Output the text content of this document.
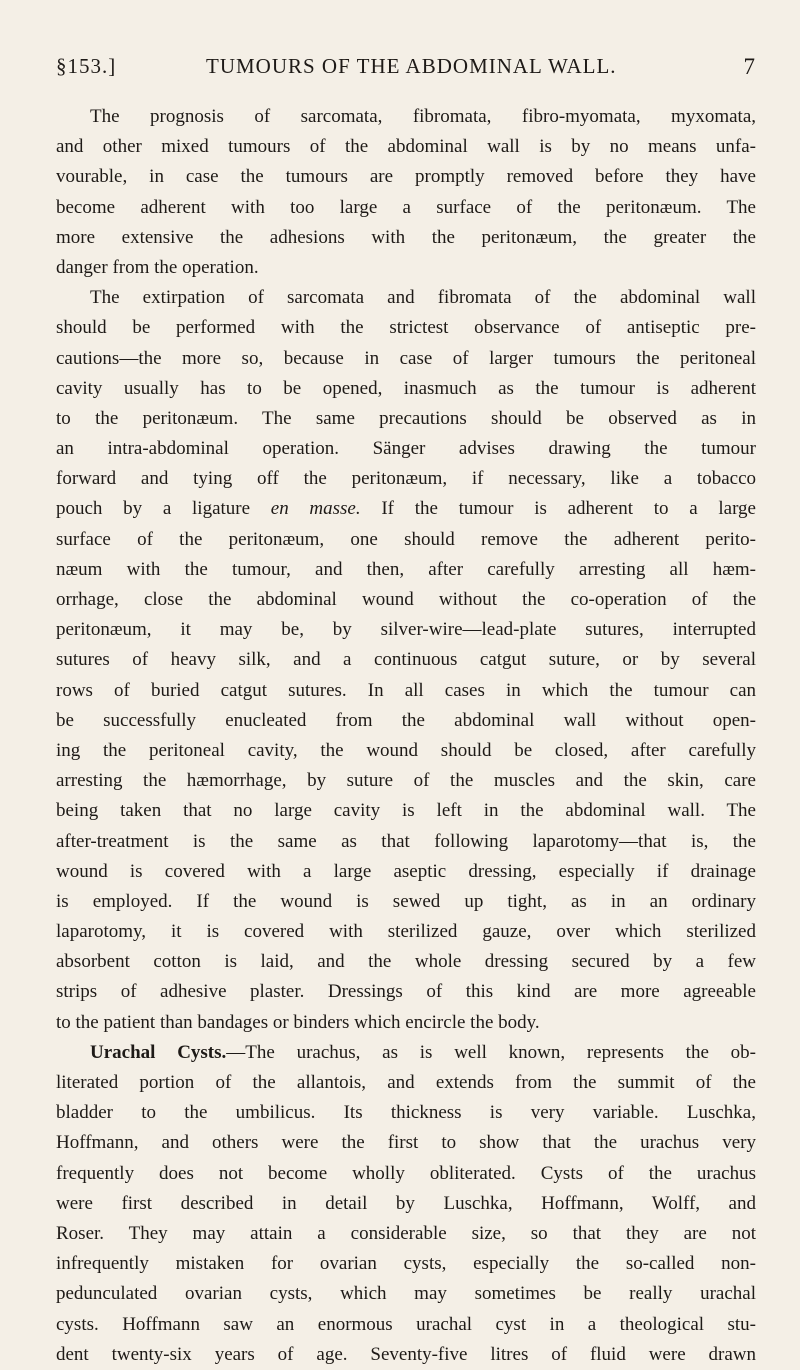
§153.]	TUMOURS OF THE ABDOMINAL WALL.	7
The prognosis of sarcomata, fibromata, fibro-myomata, myxomata,
and other mixed tumours of the abdominal wall is by no means unfa-
vourable, in case the tumours are promptly removed before they have
become adherent with too large a surface of the peritonæum. The
more extensive the adhesions with the peritonæum, the greater the
danger from the operation.
The extirpation of sarcomata and fibromata of the abdominal wall
should be performed with the strictest observance of antiseptic pre-
cautions—the more so, because in case of larger tumours the peritoneal
cavity usually has to be opened, inasmuch as the tumour is adherent
to the peritonæum. The same precautions should be observed as in
an intra-abdominal operation. Sänger advises drawing the tumour
forward and tying off the peritonæum, if necessary, like a tobacco
pouch by a ligature en masse. If the tumour is adherent to a large
surface of the peritonæum, one should remove the adherent perito-
næum with the tumour, and then, after carefully arresting all hæm-
orrhage, close the abdominal wound without the co-operation of the
peritonæum, it may be, by silver-wire—lead-plate sutures, interrupted
sutures of heavy silk, and a continuous catgut suture, or by several
rows of buried catgut sutures. In all cases in which the tumour can
be successfully enucleated from the abdominal wall without open-
ing the peritoneal cavity, the wound should be closed, after carefully
arresting the hæmorrhage, by suture of the muscles and the skin, care
being taken that no large cavity is left in the abdominal wall. The
after-treatment is the same as that following laparotomy—that is, the
wound is covered with a large aseptic dressing, especially if drainage
is employed. If the wound is sewed up tight, as in an ordinary
laparotomy, it is covered with sterilized gauze, over which sterilized
absorbent cotton is laid, and the whole dressing secured by a few
strips of adhesive plaster. Dressings of this kind are more agreeable
to the patient than bandages or binders which encircle the body.
Urachal Cysts.—The urachus, as is well known, represents the ob-
literated portion of the allantois, and extends from the summit of the
bladder to the umbilicus. Its thickness is very variable. Luschka,
Hoffmann, and others were the first to show that the urachus very
frequently does not become wholly obliterated. Cysts of the urachus
were first described in detail by Luschka, Hoffmann, Wolff, and
Roser. They may attain a considerable size, so that they are not
infrequently mistaken for ovarian cysts, especially the so-called non-
pedunculated ovarian cysts, which may sometimes be really urachal
cysts. Hoffmann saw an enormous urachal cyst in a theological stu-
dent twenty-six years of age. Seventy-five litres of fluid were drawn
